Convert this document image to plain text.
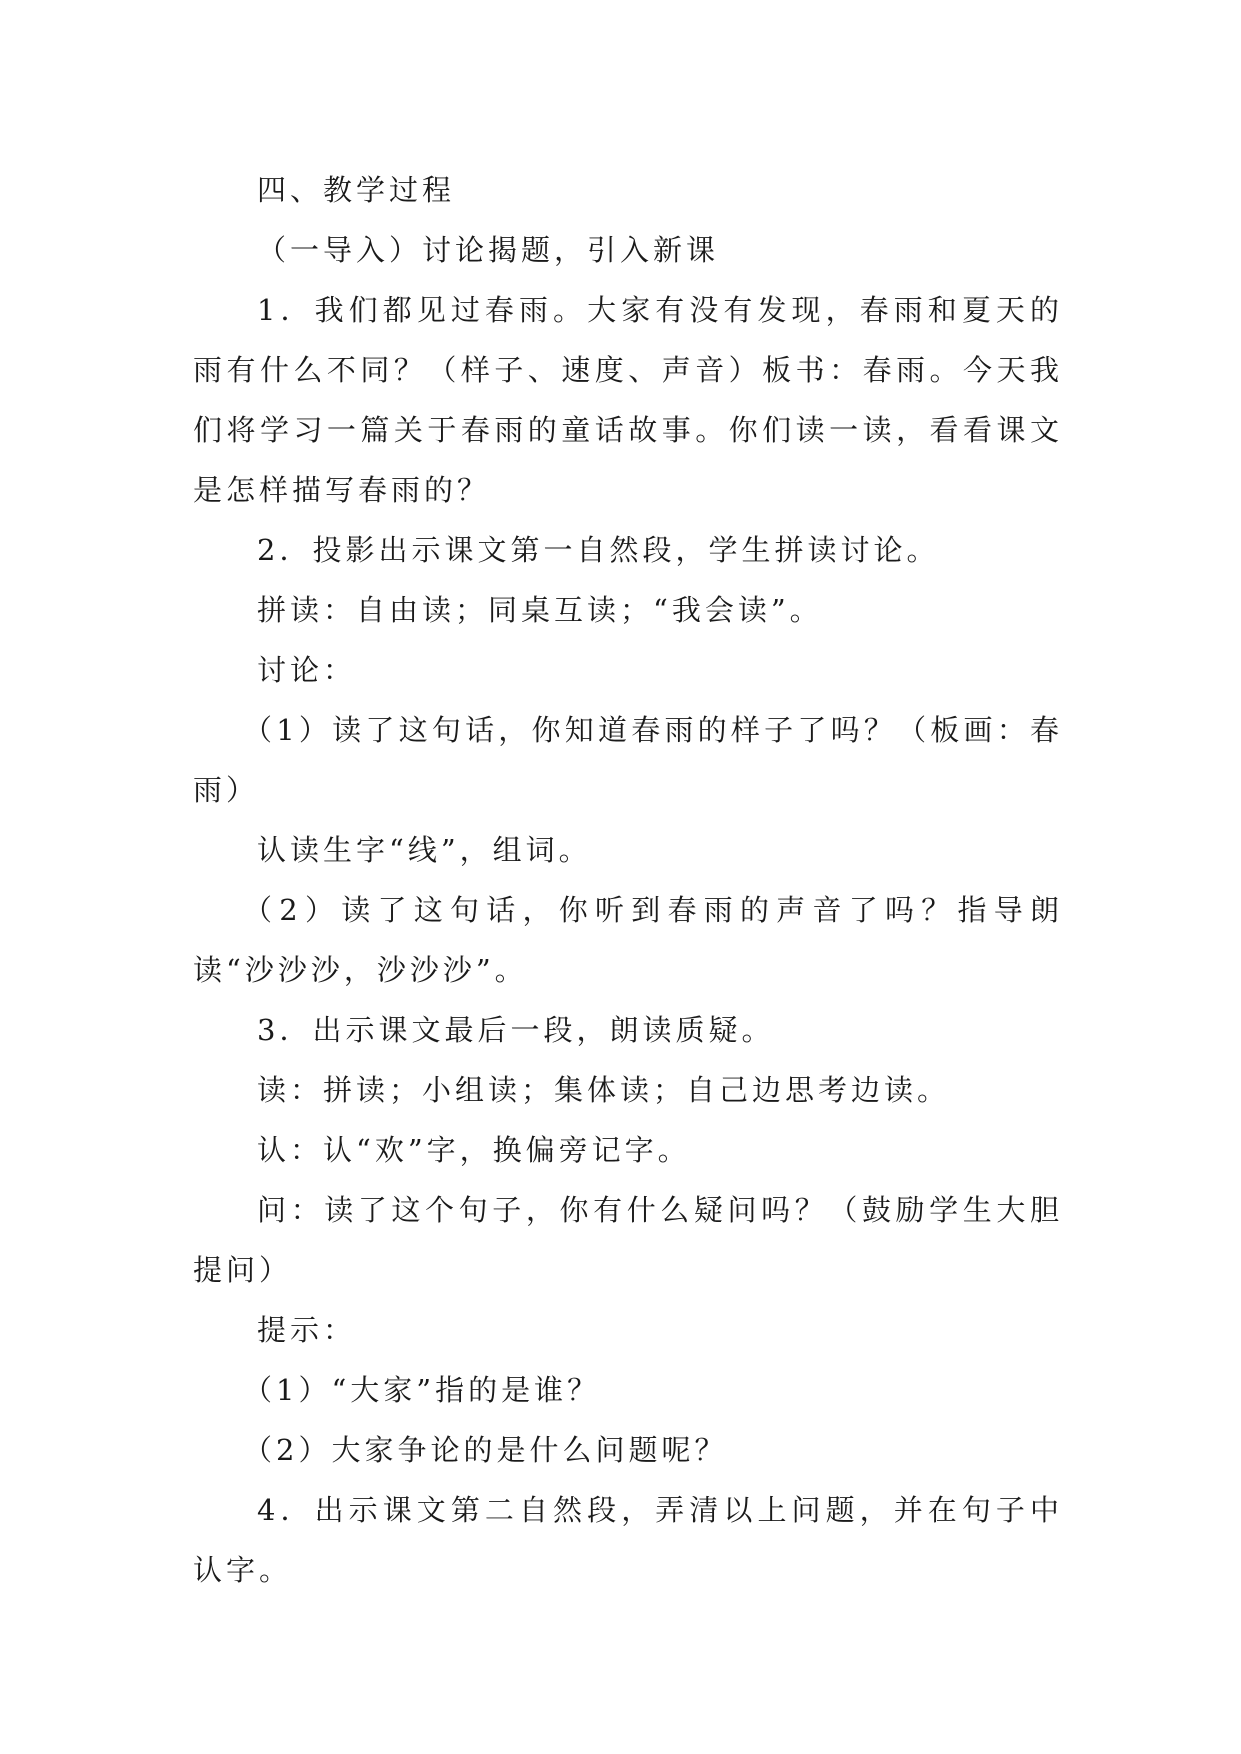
四、教学过程

（一导入）讨论揭题，引入新课

1．我们都见过春雨。大家有没有发现，春雨和夏天的雨有什么不同？（样子、速度、声音）板书：春雨。今天我们将学习一篇关于春雨的童话故事。你们读一读，看看课文是怎样描写春雨的？

2．投影出示课文第一自然段，学生拼读讨论。

拼读：自由读；同桌互读；“我会读”。

讨论：

（1）读了这句话，你知道春雨的样子了吗？（板画：春雨）

认读生字“线”，组词。

（2）读了这句话，你听到春雨的声音了吗？指导朗读“沙沙沙，沙沙沙”。

3．出示课文最后一段，朗读质疑。

读：拼读；小组读；集体读；自己边思考边读。

认：认“欢”字，换偏旁记字。

问：读了这个句子，你有什么疑问吗？（鼓励学生大胆提问）

提示：

（1）“大家”指的是谁？

（2）大家争论的是什么问题呢？

4．出示课文第二自然段，弄清以上问题，并在句子中认字。
